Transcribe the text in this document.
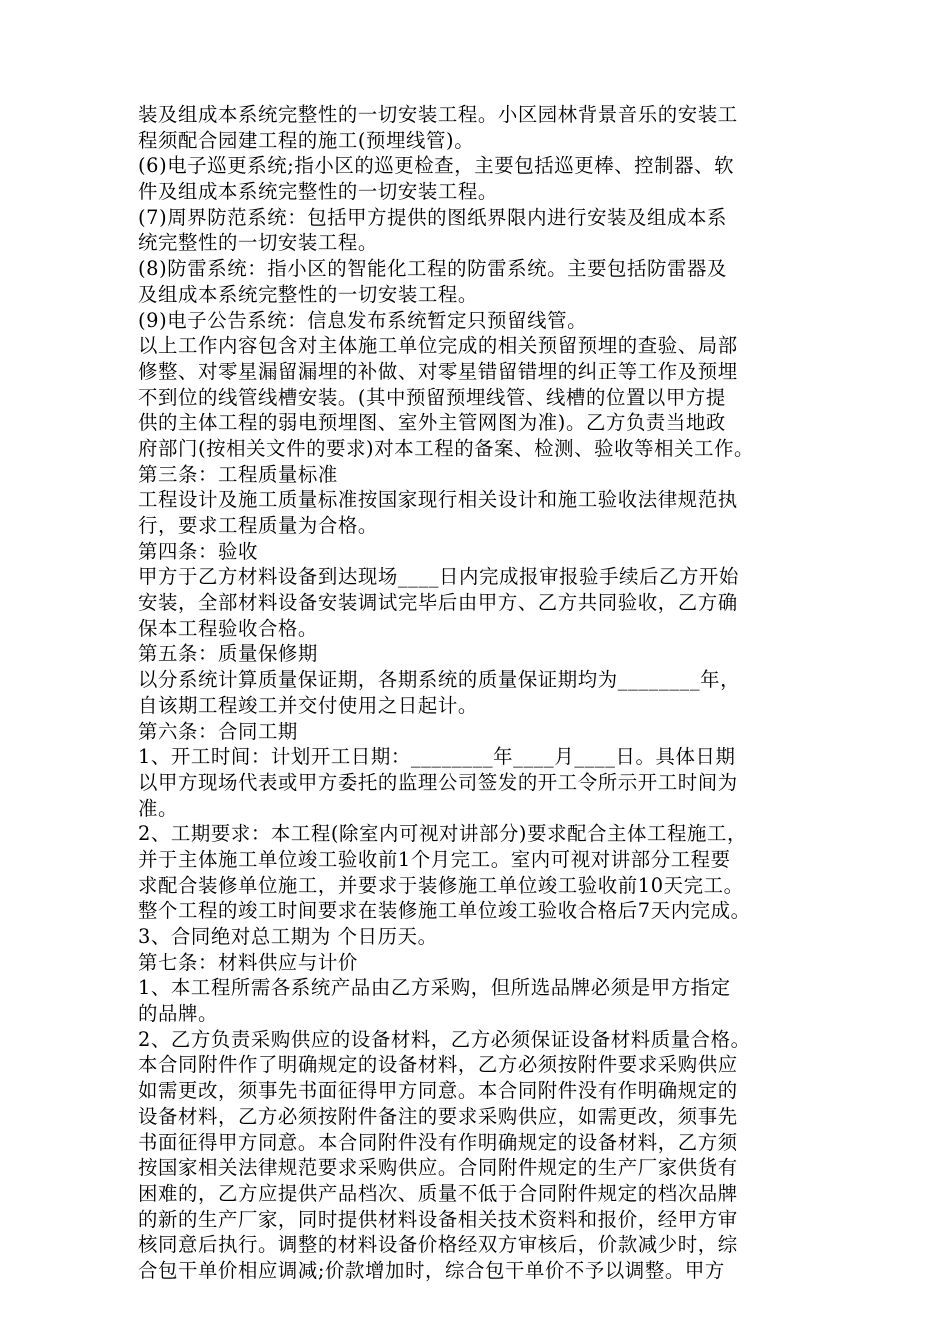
装及组成本系统完整性的一切安装工程。小区园林背景音乐的安装工
程须配合园建工程的施工(预埋线管)。
(6)电子巡更系统;指小区的巡更检查，主要包括巡更棒、控制器、软
件及组成本系统完整性的一切安装工程。
(7)周界防范系统：包括甲方提供的图纸界限内进行安装及组成本系
统完整性的一切安装工程。
(8)防雷系统：指小区的智能化工程的防雷系统。主要包括防雷器及
及组成本系统完整性的一切安装工程。
(9)电子公告系统：信息发布系统暂定只预留线管。
以上工作内容包含对主体施工单位完成的相关预留预埋的查验、局部
修整、对零星漏留漏埋的补做、对零星错留错埋的纠正等工作及预埋
不到位的线管线槽安装。(其中预留预埋线管、线槽的位置以甲方提
供的主体工程的弱电预埋图、室外主管网图为准)。乙方负责当地政
府部门(按相关文件的要求)对本工程的备案、检测、验收等相关工作。
第三条：工程质量标准
工程设计及施工质量标准按国家现行相关设计和施工验收法律规范执
行，要求工程质量为合格。
第四条：验收
甲方于乙方材料设备到达现场____日内完成报审报验手续后乙方开始
安装，全部材料设备安装调试完毕后由甲方、乙方共同验收，乙方确
保本工程验收合格。
第五条：质量保修期
以分系统计算质量保证期，各期系统的质量保证期均为________年，
自该期工程竣工并交付使用之日起计。
第六条：合同工期
1、开工时间：计划开工日期：________年____月____日。具体日期
以甲方现场代表或甲方委托的监理公司签发的开工令所示开工时间为
准。
2、工期要求：本工程(除室内可视对讲部分)要求配合主体工程施工，
并于主体施工单位竣工验收前1个月完工。室内可视对讲部分工程要
求配合装修单位施工，并要求于装修施工单位竣工验收前10天完工。
整个工程的竣工时间要求在装修施工单位竣工验收合格后7天内完成。
3、合同绝对总工期为 个日历天。
第七条：材料供应与计价
1、本工程所需各系统产品由乙方采购，但所选品牌必须是甲方指定
的品牌。
2、乙方负责采购供应的设备材料，乙方必须保证设备材料质量合格。
本合同附件作了明确规定的设备材料，乙方必须按附件要求采购供应
如需更改，须事先书面征得甲方同意。本合同附件没有作明确规定的
设备材料，乙方必须按附件备注的要求采购供应，如需更改，须事先
书面征得甲方同意。本合同附件没有作明确规定的设备材料，乙方须
按国家相关法律规范要求采购供应。合同附件规定的生产厂家供货有
困难的，乙方应提供产品档次、质量不低于合同附件规定的档次品牌
的新的生产厂家，同时提供材料设备相关技术资料和报价，经甲方审
核同意后执行。调整的材料设备价格经双方审核后，价款减少时，综
合包干单价相应调减;价款增加时，综合包干单价不予以调整。甲方
